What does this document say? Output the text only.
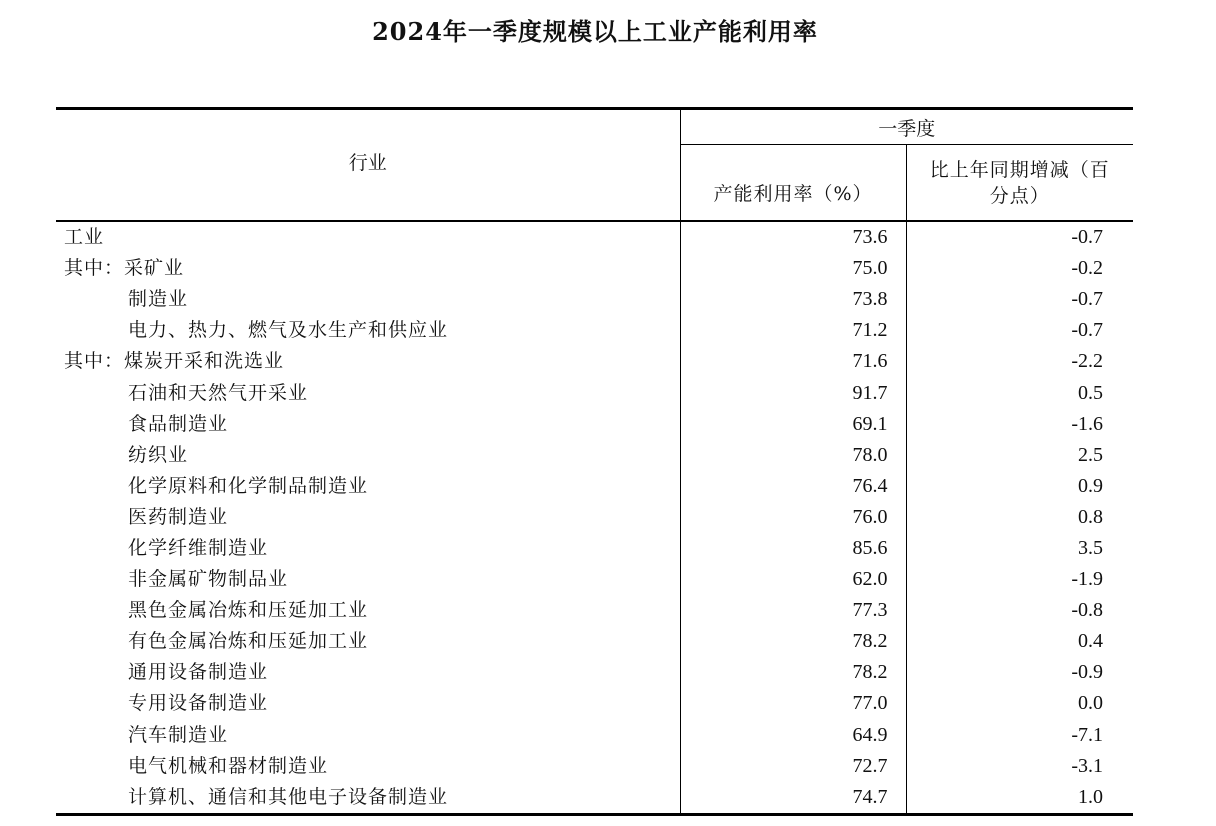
2024年一季度规模以上工业产能利用率
行业	一季度	
	产能利用率（%）	比上年同期增减（百
分点）
工业	73.6	-0.7
其中：采矿业	75.0	-0.2
制造业	73.8	-0.7
电力、热力、燃气及水生产和供应业	71.2	-0.7
其中：煤炭开采和洗选业	71.6	-2.2
石油和天然气开采业	91.7	0.5
食品制造业	69.1	-1.6
纺织业	78.0	2.5
化学原料和化学制品制造业	76.4	0.9
医药制造业	76.0	0.8
化学纤维制造业	85.6	3.5
非金属矿物制品业	62.0	-1.9
黑色金属冶炼和压延加工业	77.3	-0.8
有色金属冶炼和压延加工业	78.2	0.4
通用设备制造业	78.2	-0.9
专用设备制造业	77.0	0.0
汽车制造业	64.9	-7.1
电气机械和器材制造业	72.7	-3.1
计算机、通信和其他电子设备制造业	74.7	1.0
